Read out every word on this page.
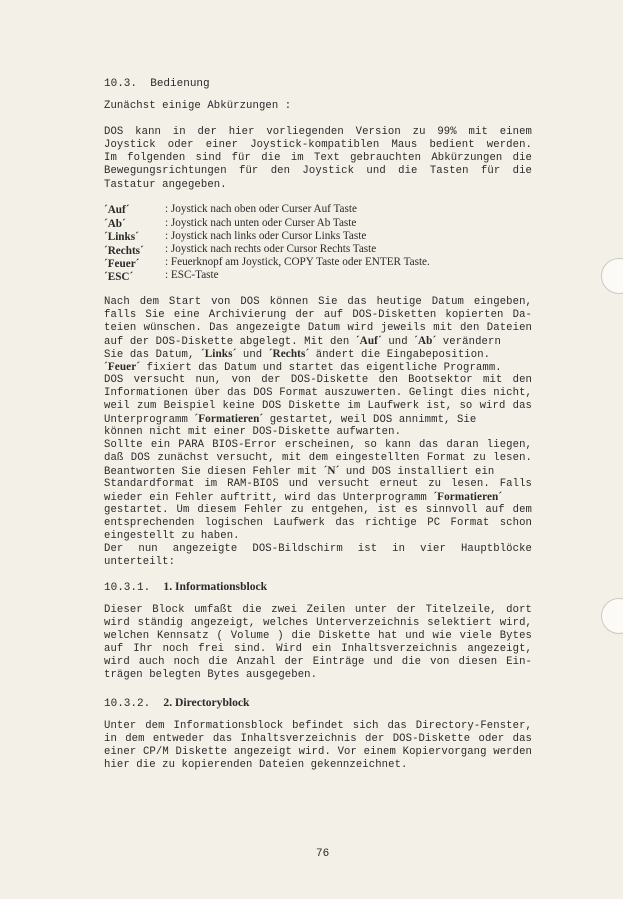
10.3. Bedienung
Zunächst einige Abkürzungen :
DOS kann in der hier vorliegenden Version zu 99% mit einem
Joystick oder einer Joystick-kompatiblen Maus bedient werden.
Im folgenden sind für die im Text gebrauchten Abkürzungen die
Bewegungsrichtungen für den Joystick und die Tasten für die
Tastatur angegeben.
´Auf´	: Joystick nach oben oder Curser Auf Taste
´Ab´	: Joystick nach unten oder Curser Ab Taste
´Links´ : Joystick nach links oder Cursor Links Taste
´Rechts´ : Joystick nach rechts oder Cursor Rechts Taste
´Feuer´ : Feuerknopf am Joystick, COPY Taste oder ENTER Taste.
´ESC´	: ESC-Taste
Nach dem Start von DOS können Sie das heutige Datum eingeben,
falls Sie eine Archivierung der auf DOS-Disketten kopierten Da-
teien wünschen. Das angezeigte Datum wird jeweils mit den Dateien
auf der DOS-Diskette abgelegt. Mit den ´Auf´ und ´Ab´ verändern
Sie das Datum, ´Links´ und ´Rechts´ ändert die Eingabeposition.
´Feuer´ fixiert das Datum und startet das eigentliche Programm.
DOS versucht nun, von der DOS-Diskette den Bootsektor mit den
Informationen über das DOS Format auszuwerten. Gelingt dies nicht,
weil zum Beispiel keine DOS Diskette im Laufwerk ist, so wird das
Unterprogramm ´Formatieren´ gestartet, weil DOS annimmt, Sie
können nicht mit einer DOS-Diskette aufwarten.
Sollte ein PARA BIOS-Error erscheinen, so kann das daran liegen,
daß DOS zunächst versucht, mit dem eingestellten Format zu lesen.
Beantworten Sie diesen Fehler mit ´N´ und DOS installiert ein
Standardformat im RAM-BIOS und versucht erneut zu lesen. Falls
wieder ein Fehler auftritt, wird das Unterprogramm ´Formatieren´
gestartet. Um diesem Fehler zu entgehen, ist es sinnvoll auf dem
entsprechenden logischen Laufwerk das richtige PC Format schon
eingestellt zu haben.
Der nun angezeigte DOS-Bildschirm ist in vier Hauptblöcke
unterteilt:
10.3.1. 1. Informationsblock
Dieser Block umfaßt die zwei Zeilen unter der Titelzeile, dort
wird ständig angezeigt, welches Unterverzeichnis selektiert wird,
welchen Kennsatz ( Volume ) die Diskette hat und wie viele Bytes
auf Ihr noch frei sind. Wird ein Inhaltsverzeichnis angezeigt,
wird auch noch die Anzahl der Einträge und die von diesen Ein-
trägen belegten Bytes ausgegeben.
10.3.2. 2. Directoryblock
Unter dem Informationsblock befindet sich das Directory-Fenster,
in dem entweder das Inhaltsverzeichnis der DOS-Diskette oder das
einer CP/M Diskette angezeigt wird. Vor einem Kopiervorgang werden
hier die zu kopierenden Dateien gekennzeichnet.
76
